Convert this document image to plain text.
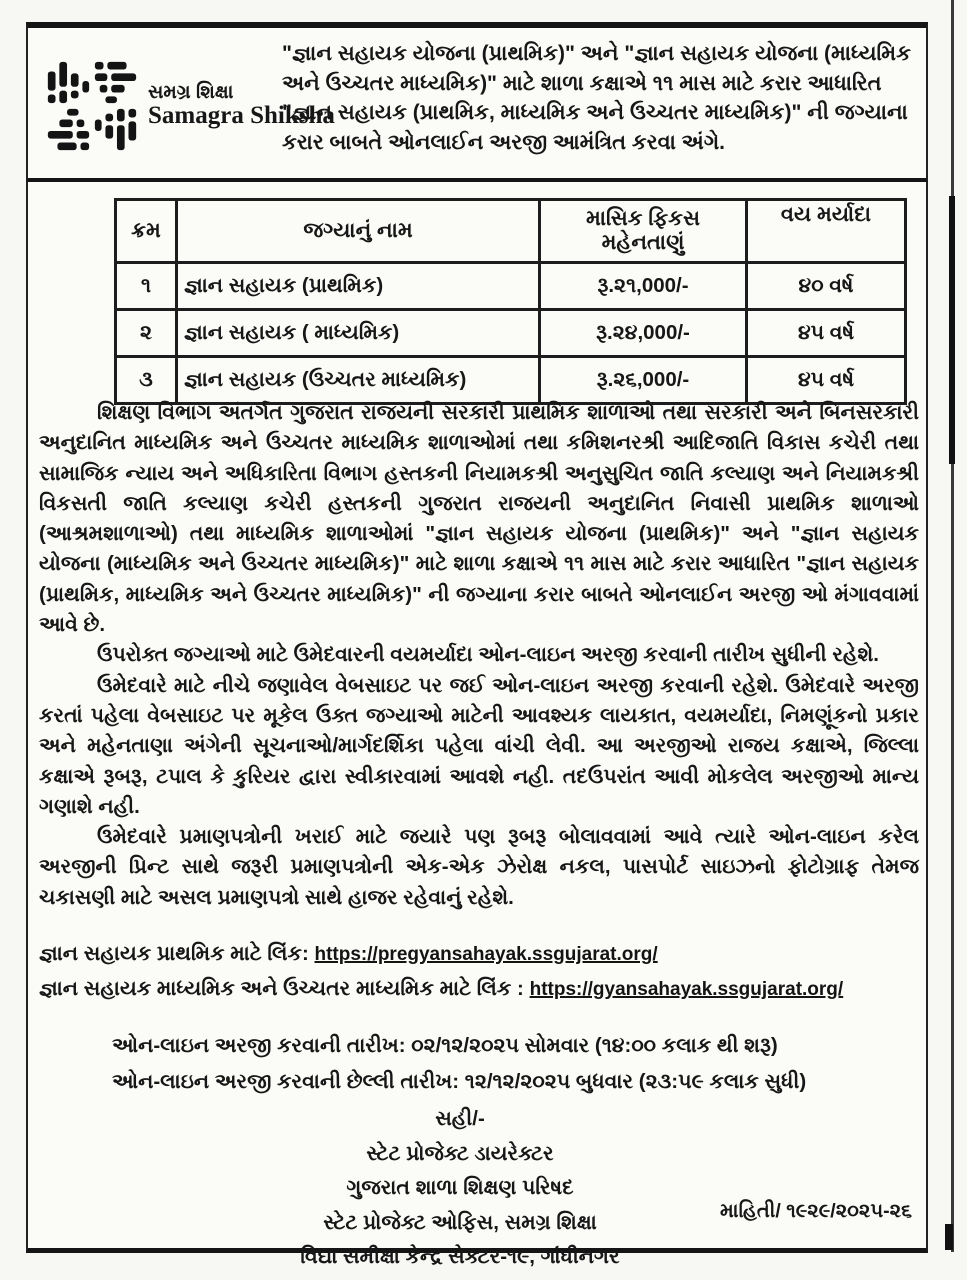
સમગ્ર શિક્ષા
Samagra Shiksha
"જ્ઞાન સહાયક યોજના (પ્રાથમિક)" અને "જ્ઞાન સહાયક યોજના (માધ્યમિક અને ઉચ્ચતર માધ્યમિક)" માટે શાળા કક્ષાએ ૧૧ માસ માટે કરાર આધારિત "જ્ઞાન સહાયક (પ્રાથમિક, માધ્યમિક અને ઉચ્ચતર માધ્યમિક)" ની જગ્યાના કરાર બાબતે ઓનલાઈન અરજી આમંત્રિત કરવા અંગે.
ક્રમ	જગ્યાનું નામ	માસિક ફિકસ મહેનતાણું	વય મર્યાદા
૧	જ્ઞાન સહાયક (પ્રાથમિક)	રૂ.૨૧,000/-	૪૦ વર્ષ
૨	જ્ઞાન સહાયક ( માધ્યમિક)	રૂ.૨૪,000/-	૪૫ વર્ષ
૩	જ્ઞાન સહાયક (ઉચ્ચતર માધ્યમિક)	રૂ.૨૬,000/-	૪૫ વર્ષ

શિક્ષણ વિભાગ અંતર્ગત ગુજરાત રાજયની સરકારી પ્રાથમિક શાળાઓ તથા સરકારી અને બિનસરકારી અનુદાનિત માધ્યમિક અને ઉચ્ચતર માધ્યમિક શાળાઓમાં તથા કમિશનરશ્રી આદિજાતિ વિકાસ કચેરી તથા સામાજિક ન્યાય અને અધિકારિતા વિભાગ હસ્તકની નિયામકશ્રી અનુસુચિત જાતિ કલ્યાણ અને નિયામકશ્રી વિકસતી જાતિ કલ્યાણ કચેરી હસ્તકની ગુજરાત રાજયની અનુદાનિત નિવાસી પ્રાથમિક શાળાઓ (આશ્રમશાળાઓ) તથા માધ્યમિક શાળાઓમાં "જ્ઞાન સહાયક યોજના (પ્રાથમિક)" અને "જ્ઞાન સહાયક યોજના (માધ્યમિક અને ઉચ્ચતર માધ્યમિક)" માટે શાળા કક્ષાએ ૧૧ માસ માટે કરાર આધારિત "જ્ઞાન સહાયક (પ્રાથમિક, માધ્યમિક અને ઉચ્ચતર માધ્યમિક)" ની જગ્યાના કરાર બાબતે ઓનલાઈન અરજી ઓ મંગાવવામાં આવે છે.

ઉપરોક્ત જગ્યાઓ માટે ઉમેદવારની વયમર્યાદા ઓન-લાઇન અરજી કરવાની તારીખ સુધીની રહેશે.

ઉમેદવારે માટે નીચે જણાવેલ વેબસાઇટ પર જઈ ઓન-લાઇન અરજી કરવાની રહેશે. ઉમેદવારે અરજી કરતાં પહેલા વેબસાઇટ પર મૂકેલ ઉક્ત જગ્યાઓ માટેની આવશ્યક લાયકાત, વયમર્યાદા, નિમણૂંકનો પ્રકાર અને મહેનતાણા અંગેની સૂચનાઓ/માર્ગદર્શિકા પહેલા વાંચી લેવી. આ અરજીઓ રાજય કક્ષાએ, જિલ્લા કક્ષાએ રૂબરૂ, ટપાલ કે કુરિયર દ્વારા સ્વીકારવામાં આવશે નહી. તદઉપરાંત આવી મોકલેલ અરજીઓ માન્ય ગણાશે નહી.

ઉમેદવારે પ્રમાણપત્રોની ખરાઈ માટે જયારે પણ રૂબરૂ બોલાવવામાં આવે ત્યારે ઓન-લાઇન કરેલ અરજીની પ્રિન્ટ સાથે જરૂરી પ્રમાણપત્રોની એક-એક ઝેરોક્ષ નકલ, પાસપોર્ટ સાઇઝનો ફોટોગ્રાફ તેમજ ચકાસણી માટે અસલ પ્રમાણપત્રો સાથે હાજર રહેવાનું રહેશે.

જ્ઞાન સહાયક પ્રાથમિક માટે લિંક: https://pregyansahayak.ssgujarat.org/
જ્ઞાન સહાયક માધ્યમિક અને ઉચ્ચતર માધ્યમિક માટે લિંક : https://gyansahayak.ssgujarat.org/
ઓન-લાઇન અરજી કરવાની તારીખ: ૦૨/૧૨/૨૦૨૫ સોમવાર (૧૪:૦૦ કલાક થી શરૂ)
ઓન-લાઇન અરજી કરવાની છેલ્લી તારીખ: ૧૨/૧૨/૨૦૨૫ બુધવાર (૨૩:૫૯ કલાક સુધી)
સહી/-
સ્ટેટ પ્રોજેક્ટ ડાયરેક્ટર
ગુજરાત શાળા શિક્ષણ પરિષદ
સ્ટેટ પ્રોજેક્ટ ઓફિસ, સમગ્ર શિક્ષા
વિદ્યા સમીક્ષા કેન્દ્ર સેક્ટર-૧૯, ગાંધીનગર
માહિતી/ ૧૯૨૯/૨૦૨૫-૨૬
